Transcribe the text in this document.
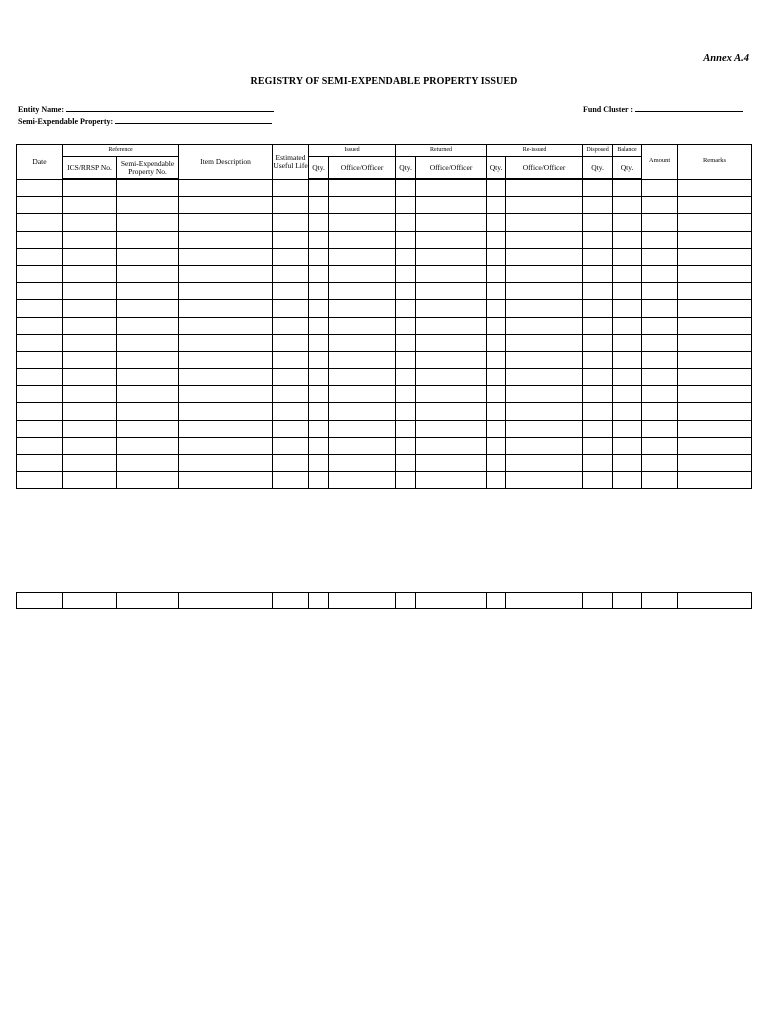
Annex A.4
REGISTRY OF SEMI-EXPENDABLE PROPERTY ISSUED
Entity Name:
Semi-Expendable Property:
Fund Cluster :
Date	Reference		Item Description	Estimated Useful Life	Issued		Returned		Re-issued		Disposed	Balance	Amount	Remarks
	ICS/RRSP No.	Semi-Expendable Property No.			Qty.	Office/Officer	Qty.	Office/Officer	Qty.	Office/Officer	Qty.	Qty.		
